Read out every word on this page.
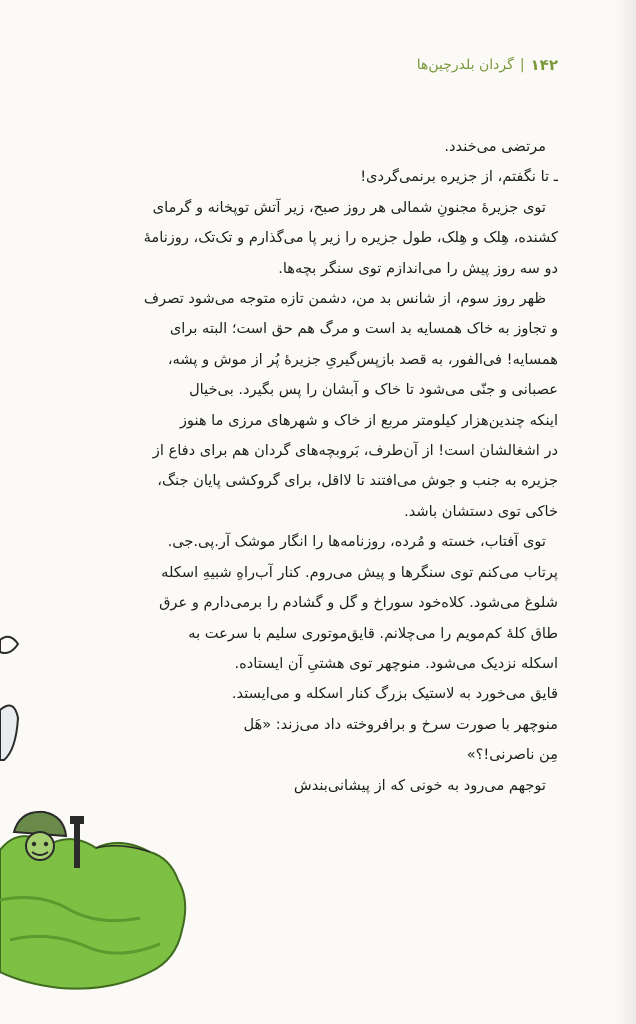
۱۴۲
|
گردان بلدرچین‌ها
مرتضی می‌خندد.
ـ تا نگفتم، از جزیره برنمی‌گردی!
توی جزیرهٔ مجنونِ شمالی هر روز صبح، زیر آتش توپخانه و گرمای
کشنده، هِلک و هِلک، طول جزیره را زیر پا می‌گذارم و تک‌تک، روزنامهٔ
دو سه روز پیش را می‌اندازم توی سنگر بچه‌ها.
ظهر روز سوم، از شانس بد من، دشمن تازه متوجه می‌شود تصرف
و تجاوز به خاک همسایه بد است و مرگ هم حق است؛ البته برای
همسایه! فی‌الفور، به قصد بازپس‌گیریِ جزیرهٔ پُر از موش و پشه،
عصبانی و جنّی می‌شود تا خاک و آبشان را پس بگیرد. بی‌خیال
اینکه چندین‌هزار کیلومتر مربع از خاک و شهرهای مرزی ما هنوز
در اشغالشان است! از آن‌طرف، بَروبچه‌های گردان هم برای دفاع از
جزیره به جنب و جوش می‌افتند تا لااقل، برای گروکشی پایان جنگ،
خاکی توی دستشان باشد.
توی آفتاب، خسته و مُرده، روزنامه‌ها را انگار موشک آر.پی.جی.
پرتاب می‌کنم توی سنگرها و پیش می‌روم. کنار آب‌راهِ شبیهِ اسکله
شلوغ می‌شود. کلاه‌خود سوراخ و گل و گشادم را برمی‌دارم و عرق
طاق کلهٔ کم‌مویم را می‌چلانم. قایق‌موتوری سلیم با سرعت به
اسکله نزدیک می‌شود. منوچهر توی هشتیِ آن ایستاده.
قایق می‌خورد به لاستیک بزرگ کنار اسکله و می‌ایستد.
منوچهر با صورت سرخ و برافروخته داد می‌زند: «هَل
مِن ناصرنی!؟»
توجهم می‌رود به خونی که از پیشانی‌بندش
